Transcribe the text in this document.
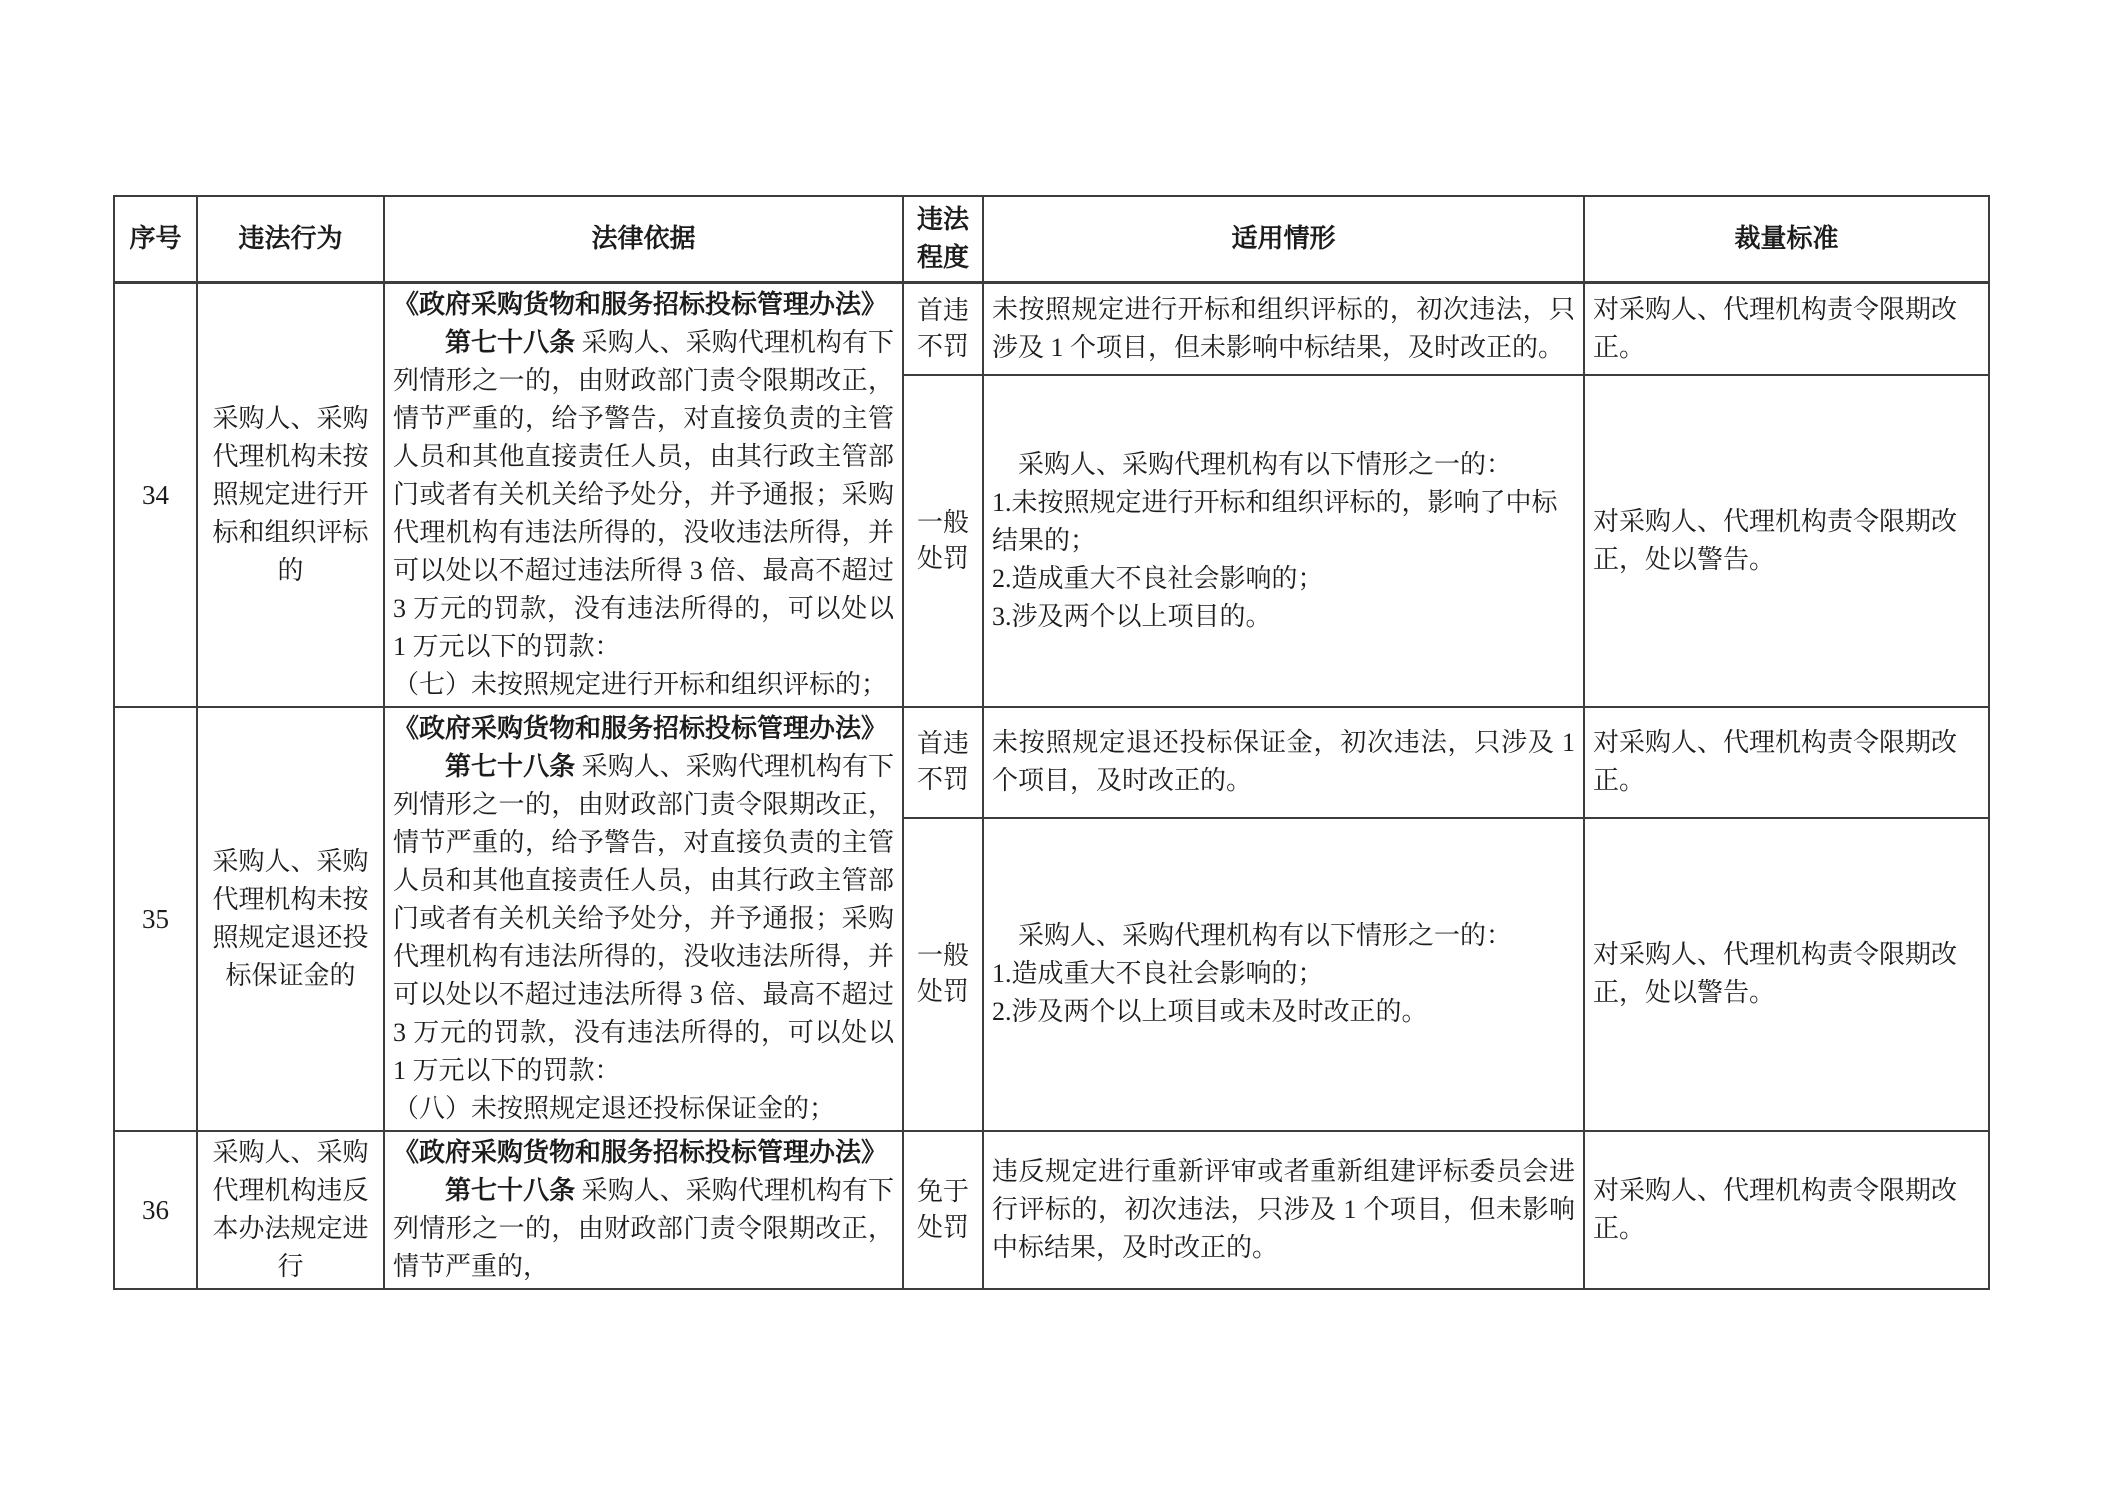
序号	违法行为	法律依据	违法程度	适用情形	裁量标准
34	采购人、采购代理机构未按照规定进行开标和组织评标的	《政府采购货物和服务招标投标管理办法》

第七十八条 采购人、采购代理机构有下列情形之一的，由财政部门责令限期改正，情节严重的，给予警告，对直接负责的主管人员和其他直接责任人员，由其行政主管部门或者有关机关给予处分，并予通报；采购代理机构有违法所得的，没收违法所得，并可以处以不超过违法所得 3 倍、最高不超过 3 万元的罚款，没有违法所得的，可以处以 1 万元以下的罚款：

（七）未按照规定进行开标和组织评标的；	首违不罚	未按照规定进行开标和组织评标的，初次违法，只涉及 1 个项目，但未影响中标结果，及时改正的。	对采购人、代理机构责令限期改正。
			一般处罚	采购人、采购代理机构有以下情形之一的：
1.未按照规定进行开标和组织评标的，影响了中标结果的；
2.造成重大不良社会影响的；
3.涉及两个以上项目的。	对采购人、代理机构责令限期改正，处以警告。
35	采购人、采购代理机构未按照规定退还投标保证金的	《政府采购货物和服务招标投标管理办法》

第七十八条 采购人、采购代理机构有下列情形之一的，由财政部门责令限期改正，情节严重的，给予警告，对直接负责的主管人员和其他直接责任人员，由其行政主管部门或者有关机关给予处分，并予通报；采购代理机构有违法所得的，没收违法所得，并可以处以不超过违法所得 3 倍、最高不超过 3 万元的罚款，没有违法所得的，可以处以 1 万元以下的罚款：

（八）未按照规定退还投标保证金的；	首违不罚	未按照规定退还投标保证金，初次违法，只涉及 1 个项目，及时改正的。	对采购人、代理机构责令限期改正。
			一般处罚	采购人、采购代理机构有以下情形之一的：
1.造成重大不良社会影响的；
2.涉及两个以上项目或未及时改正的。	对采购人、代理机构责令限期改正，处以警告。
36	采购人、采购代理机构违反本办法规定进行	《政府采购货物和服务招标投标管理办法》

第七十八条 采购人、采购代理机构有下列情形之一的，由财政部门责令限期改正，情节严重的，	免于处罚	违反规定进行重新评审或者重新组建评标委员会进行评标的，初次违法，只涉及 1 个项目，但未影响中标结果，及时改正的。	对采购人、代理机构责令限期改正。
